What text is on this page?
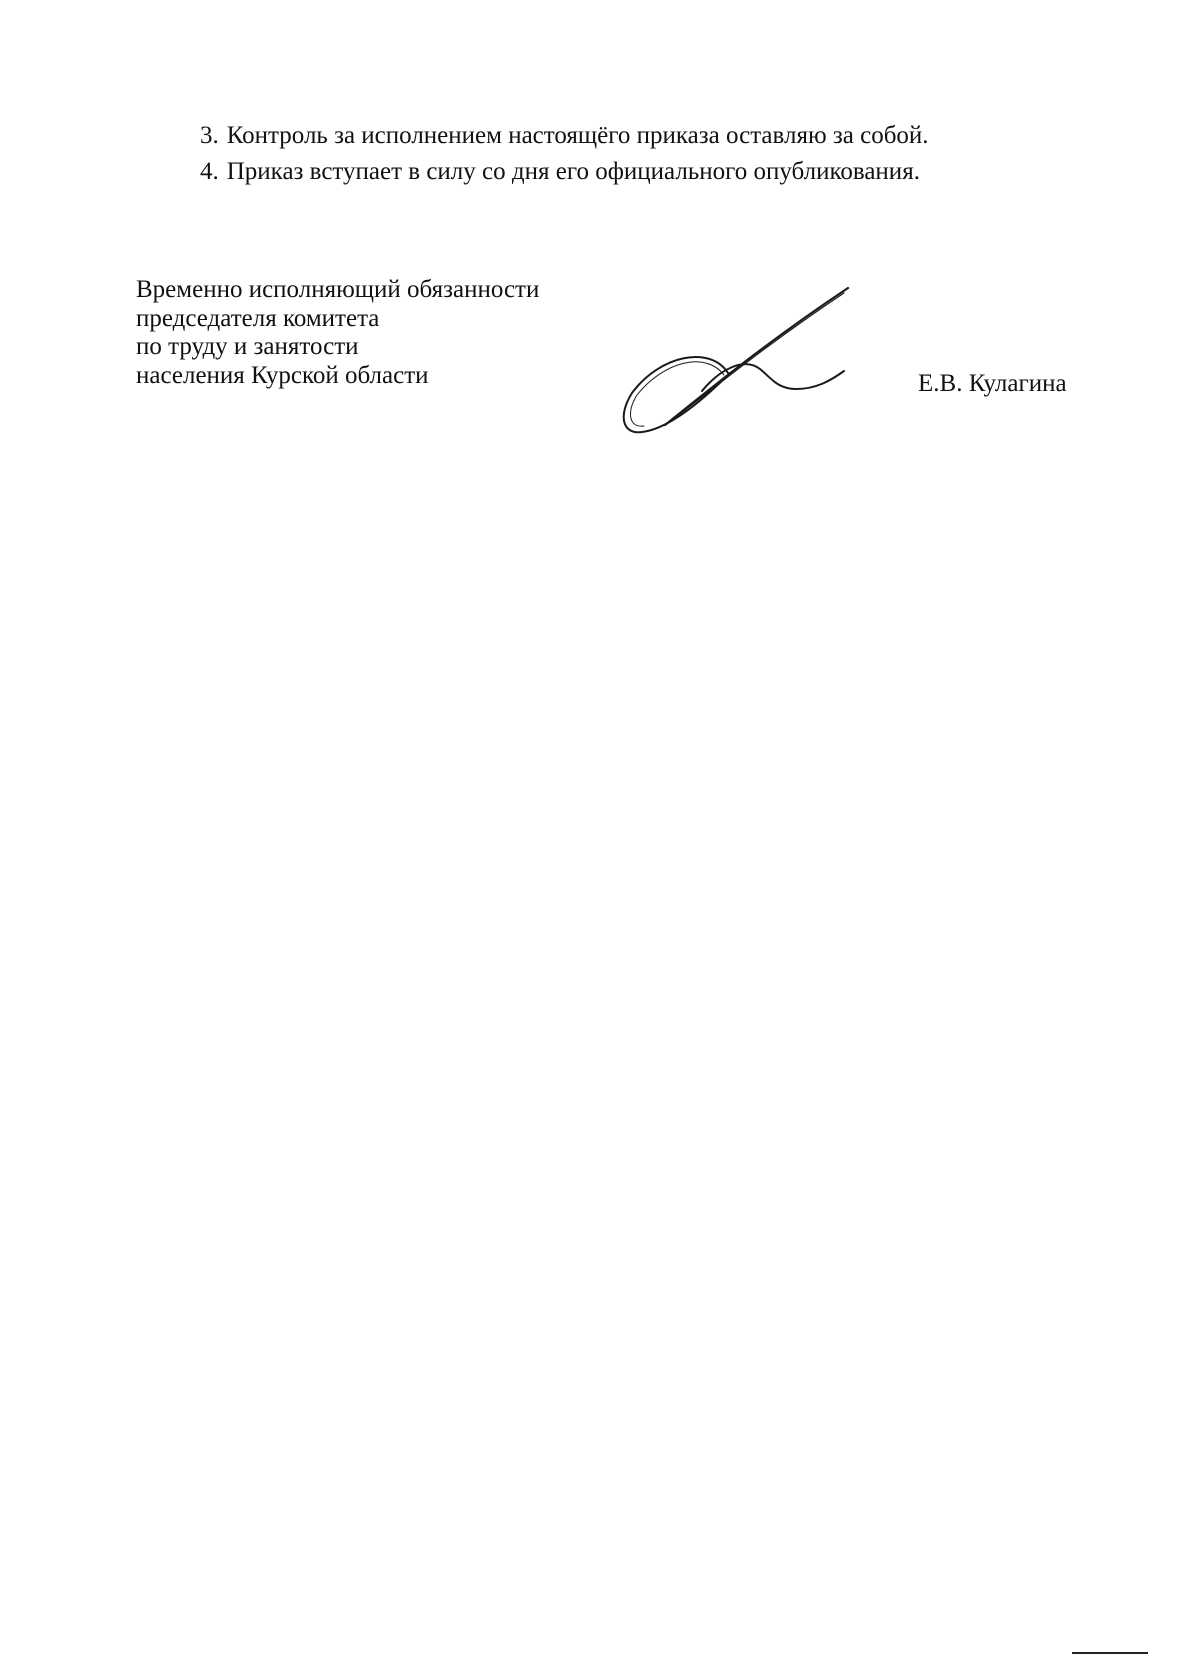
3. Контроль за исполнением настоящёго приказа оставляю за собой.
4. Приказ вступает в силу со дня его официального опубликования.
Временно исполняющий обязанности
председателя комитета
по труду и занятости
населения Курской области	Е.В. Кулагина
